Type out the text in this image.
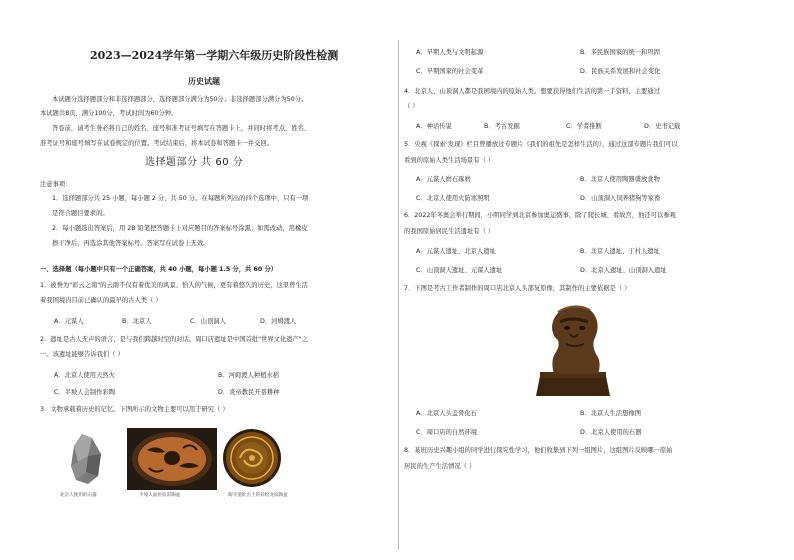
2023—2024学年第一学期六年级历史阶段性检测
历史试题
本试题分选择题部分和非选择题部分，选择题部分满分为50分；非选择题部分满分为50分。
本试题共8页，满分100分，考试时间为60分钟。
答卷前，请考生务必将自己的姓名、座号和准考证号填写在答题卡上，并同时将考点、姓名、
准考证号和座号填写在试卷规定的位置。考试结束后，将本试卷和答题卡一并交回。
选择题部分 共 60 分
注意事项：
1．选择题部分共 25 小题，每小题 2 分，共 50 分。在每题所列出的四个选项中，只有一项
是符合题目要求的。
2．每小题选出答案后，用 2B 铅笔把答题卡上对应题目的答案标号涂黑；如需改动，用橡皮
擦干净后，再选涂其他答案标号。答案写在试卷上无效。
一、选择题（每小题中只有一个正确答案，共 40 小题，每小题 1.5 分，共 60 分）
1．被誉为"彩云之南"的云南不仅有着优美的风景、怡人的气候，更有着悠久的历史，这里曾生活
着我国境内目前已确认的最早的古人类（ ）
A．元谋人	B．北京人	C．山顶洞人	D．河姆渡人
2．遗址是古人无声的语言，是与我们跨越时空的对话。周口店遗址是中国首批"世界文化遗产"之
一。该遗址能够告诉我们（ ）
A．北京人使用天然火	B．河姆渡人种植水稻
C．半坡人会制作彩陶	D．炎帝教民开垦耕种
3．文物承载着历史的记忆。下图所示的文物主要可以用于研究（ ）
北京人使用的石器	半坡人面鱼纹彩陶盆	陶寺遗址出土的彩绘龙纹陶盆
A．早期人类与文明起源	B．多民族国家的统一和巩固
C．早期国家的社会变革	D．民族关系发展和社会变化
4．北京人、山顶洞人都是我国境内的原始人类。想要获得他们生活的第一手资料，主要通过
（ ）
A．神话传说	B．考古发掘	C．学者推断	D．史书记载
5．央视《探索·发现》栏目曾播放过专题片《我们的祖先是怎样生活的》，通过这部专题片我们可以
看到的原始人类生活场景有（ ）
A．元谋人磨石琢磨	B．北京人使用陶器盛放食物
C．北京人使用火防寒照明	D．山顶洞人饲养猪狗等家畜
6．2022年冬奥会举行期间，小明同学到北京参加奥运盛事，除了爬长城、看故宫，他还可以参观
的我国原始居民生活遗址有（ ）
A．元谋人遗址、北京人遗址	B．北京人遗址、丁村人遗址
C．山顶洞人遗址、元谋人遗址	D．北京人遗址、山顶洞人遗址
7．下图是考古工作者制作的周口店北京人头部复原像，其制作的主要依据是（ ）
A．北京人头盖骨化石	B．北京人生活想像图
C．周口店的自然环境	D．北京人使用的石器
8．某班历史兴趣小组的同学进行探究性学习，他们收集到下列一组图片，这组图片反映哪一原始
居民的生产生活情况（ ）
